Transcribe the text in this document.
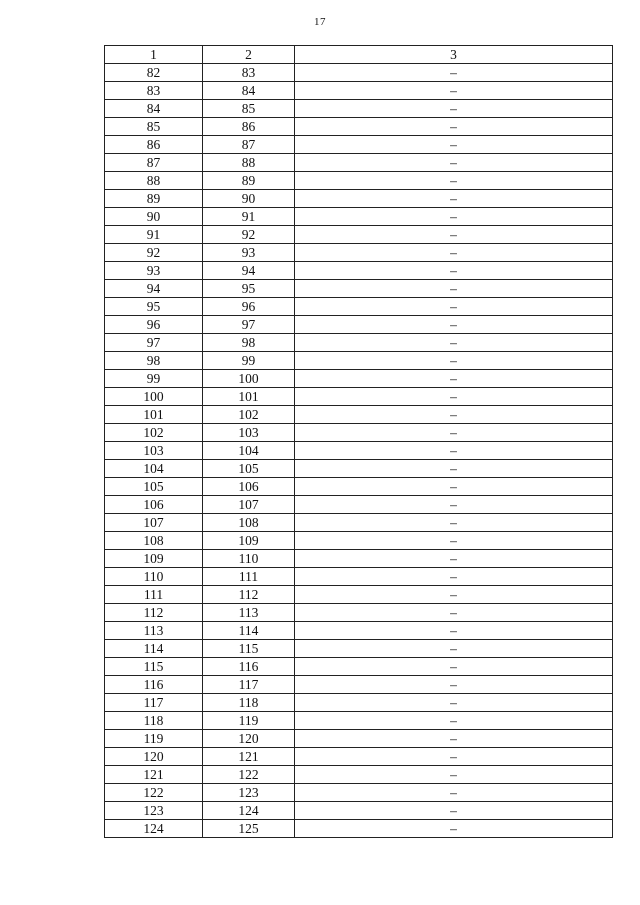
17
1	2	3
82	83	–
83	84	–
84	85	–
85	86	–
86	87	–
87	88	–
88	89	–
89	90	–
90	91	–
91	92	–
92	93	–
93	94	–
94	95	–
95	96	–
96	97	–
97	98	–
98	99	–
99	100	–
100	101	–
101	102	–
102	103	–
103	104	–
104	105	–
105	106	–
106	107	–
107	108	–
108	109	–
109	110	–
110	111	–
111	112	–
112	113	–
113	114	–
114	115	–
115	116	–
116	117	–
117	118	–
118	119	–
119	120	–
120	121	–
121	122	–
122	123	–
123	124	–
124	125	–
